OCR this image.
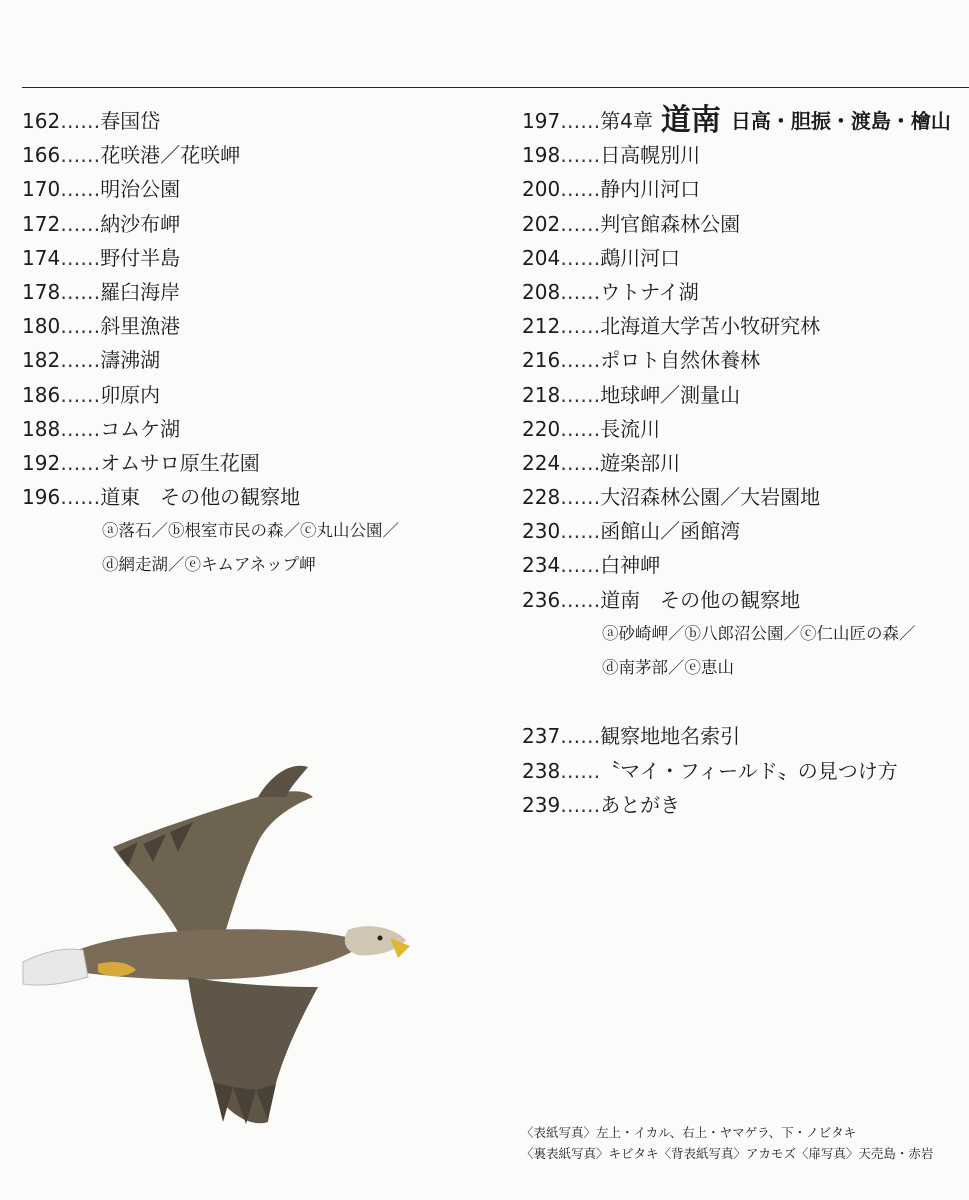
162……春国岱
166……花咲港／花咲岬
170……明治公園
172……納沙布岬
174……野付半島
178……羅臼海岸
180……斜里漁港
182……濤沸湖
186……卯原内
188……コムケ湖
192……オムサロ原生花園
196……道東　その他の観察地
ⓐ落石／ⓑ根室市民の森／ⓒ丸山公園／
ⓓ網走湖／ⓔキムアネップ岬
197……第4章 道南 日高・胆振・渡島・檜山
198……日高幌別川
200……静内川河口
202……判官館森林公園
204……鵡川河口
208……ウトナイ湖
212……北海道大学苫小牧研究林
216……ポロト自然休養林
218……地球岬／測量山
220……長流川
224……遊楽部川
228……大沼森林公園／大岩園地
230……函館山／函館湾
234……白神岬
236……道南　その他の観察地
ⓐ砂崎岬／ⓑ八郎沼公園／ⓒ仁山匠の森／
ⓓ南茅部／ⓔ恵山
237……観察地地名索引
238……〝マイ・フィールド〟の見つけ方
239……あとがき
〈表紙写真〉左上・イカル、右上・ヤマゲラ、下・ノビタキ
〈裏表紙写真〉キビタキ〈背表紙写真〉アカモズ〈扉写真〉天売島・赤岩
